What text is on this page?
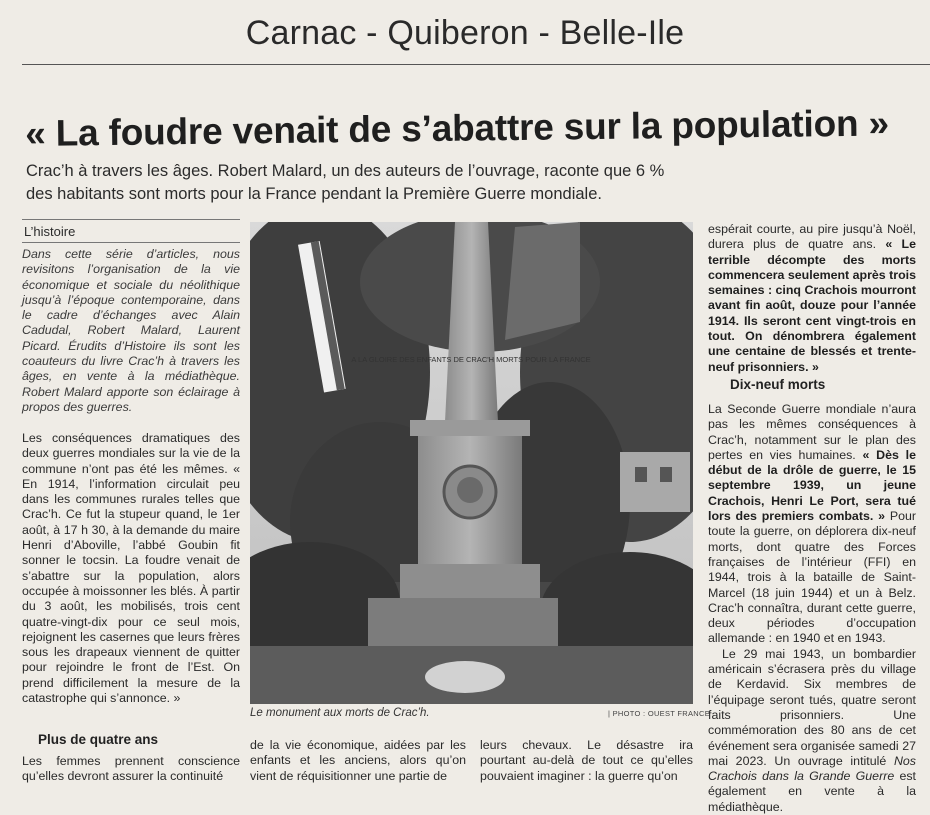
Carnac - Quiberon - Belle-Ile
« La foudre venait de s’abattre sur la population »
Crac’h à travers les âges. Robert Malard, un des auteurs de l’ouvrage, raconte que 6 %
des habitants sont morts pour la France pendant la Première Guerre mondiale.
L’histoire
Dans cette série d’articles, nous revisitons l’organisation de la vie économique et sociale du néolithique jusqu’à l’époque contemporaine, dans le cadre d’échanges avec Alain Cadudal, Robert Malard, Laurent Picard. Érudits d’Histoire ils sont les coauteurs du livre Crac’h à travers les âges, en vente à la médiathèque. Robert Malard apporte son éclairage à propos des guerres.

Les conséquences dramatiques des deux guerres mondiales sur la vie de la commune n’ont pas été les mêmes. « En 1914, l’information circulait peu dans les communes rurales telles que Crac’h. Ce fut la stupeur quand, le 1er août, à 17 h 30, à la demande du maire Henri d’Aboville, l’abbé Goubin fit sonner le tocsin. La foudre venait de s’abattre sur la population, alors occupée à moissonner les blés. À partir du 3 août, les mobilisés, trois cent quatre-vingt-dix pour ce seul mois, rejoignent les casernes que leurs frères sous les drapeaux viennent de quitter pour rejoindre le front de l’Est. On prend difficilement la mesure de la catastrophe qui s’annonce. »

Plus de quatre ans
Les femmes prennent conscience qu’elles devront assurer la continuité
A LA GLOIRE DES ENFANTS DE CRAC'H MORTS POUR LA FRANCE
Le monument aux morts de Crac’h.	| PHOTO : OUEST FRANCE
de la vie économique, aidées par les enfants et les anciens, alors qu’on vient de réquisitionner une partie de
leurs chevaux. Le désastre ira pourtant au-delà de tout ce qu’elles pouvaient imaginer : la guerre qu’on
espérait courte, au pire jusqu’à Noël, durera plus de quatre ans. « Le terrible décompte des morts commencera seulement après trois semaines : cinq Crachois mourront avant fin août, douze pour l’année 1914. Ils seront cent vingt-trois en tout. On dénombrera également une centaine de blessés et trente-neuf prisonniers. »
Dix-neuf morts

La Seconde Guerre mondiale n’aura pas les mêmes conséquences à Crac’h, notamment sur le plan des pertes en vies humaines. « Dès le début de la drôle de guerre, le 15 septembre 1939, un jeune Crachois, Henri Le Port, sera tué lors des premiers combats. » Pour toute la guerre, on déplorera dix-neuf morts, dont quatre des Forces françaises de l’intérieur (FFI) en 1944, trois à la bataille de Saint-Marcel (18 juin 1944) et un à Belz. Crac’h connaîtra, durant cette guerre, deux périodes d’occupation allemande : en 1940 et en 1943.

Le 29 mai 1943, un bombardier américain s’écrasera près du village de Kerdavid. Six membres de l’équipage seront tués, quatre seront faits prisonniers. Une commémoration des 80 ans de cet événement sera organisée samedi 27 mai 2023. Un ouvrage intitulé Nos Crachois dans la Grande Guerre est également en vente à la médiathèque.
